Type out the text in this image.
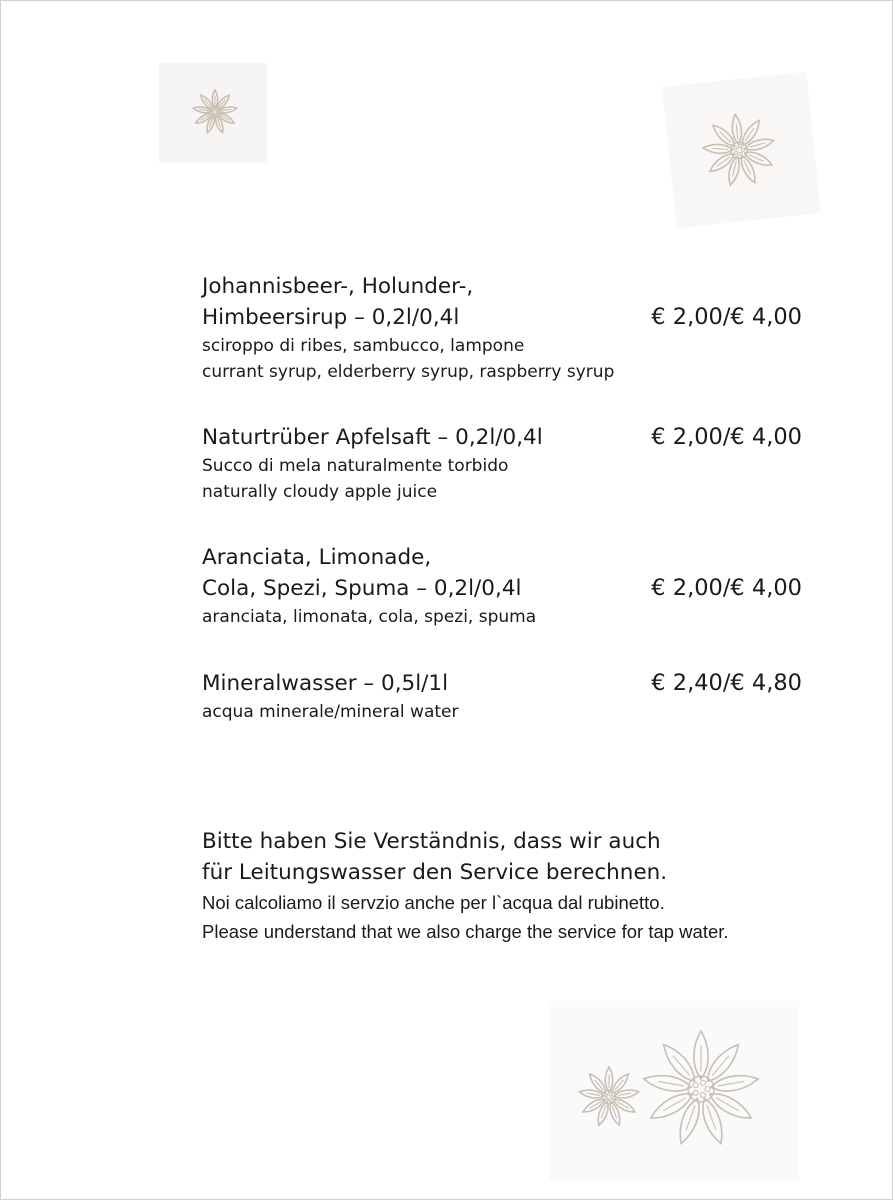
Johannisbeer-, Holunder-,
Himbeersirup – 0,2l/0,4l	€ 2,00/€ 4,00
sciroppo di ribes, sambucco, lampone
currant syrup, elderberry syrup, raspberry syrup
Naturtrüber Apfelsaft – 0,2l/0,4l	€ 2,00/€ 4,00
Succo di mela naturalmente torbido
naturally cloudy apple juice
Aranciata, Limonade,
Cola, Spezi, Spuma – 0,2l/0,4l	€ 2,00/€ 4,00
aranciata, limonata, cola, spezi, spuma
Mineralwasser – 0,5l/1l	€ 2,40/€ 4,80
acqua minerale/mineral water
Bitte haben Sie Verständnis, dass wir auch
für Leitungswasser den Service berechnen.
Noi calcoliamo il servzio anche per l`acqua dal rubinetto.
Please understand that we also charge the service for tap water.
